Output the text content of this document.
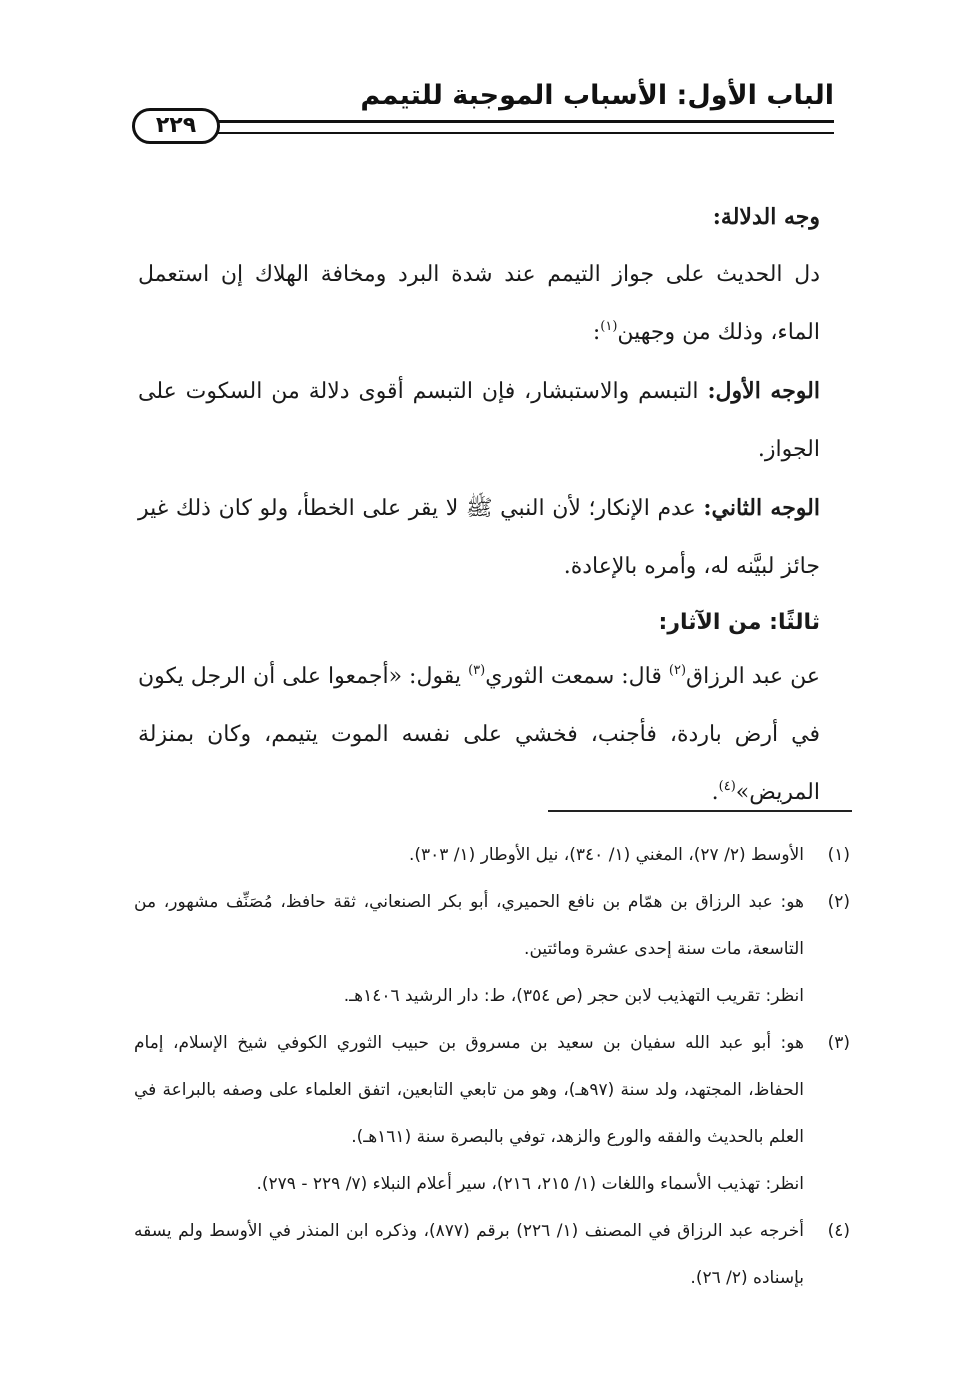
الباب الأول: الأسباب الموجبة للتيمم
٢٢٩

وجه الدلالة:

دل الحديث على جواز التيمم عند شدة البرد ومخافة الهلاك إن استعمل الماء، وذلك من وجهين$^{(١)}$:

الوجه الأول: التبسم والاستبشار، فإن التبسم أقوى دلالة من السكوت على الجواز.

الوجه الثاني: عدم الإنكار؛ لأن النبي ﷺ لا يقر على الخطأ، ولو كان ذلك غير جائز لبيَّنه له، وأمره بالإعادة.

ثالثًا: من الآثار:

عن عبد الرزاق$^{(٢)}$ قال: سمعت الثوري$^{(٣)}$ يقول: «أجمعوا على أن الرجل يكون في أرض باردة، فأجنب، فخشي على نفسه الموت يتيمم، وكان بمنزلة المريض»$^{(٤)}$.

(١)

الأوسط (٢/ ٢٧)، المغني (١/ ٣٤٠)، نيل الأوطار (١/ ٣٠٣).

(٢)

هو: عبد الرزاق بن همّام بن نافع الحميري، أبو بكر الصنعاني، ثقة حافظ، مُصَنِّف مشهور، من التاسعة، مات سنة إحدى عشرة ومائتين.

انظر: تقريب التهذيب لابن حجر (ص ٣٥٤)، ط: دار الرشيد ١٤٠٦هـ.

(٣)

هو: أبو عبد الله سفيان بن سعيد بن مسروق بن حبيب الثوري الكوفي شيخ الإسلام، إمام الحفاظ، المجتهد، ولد سنة (٩٧هـ)، وهو من تابعي التابعين، اتفق العلماء على وصفه بالبراعة في العلم بالحديث والفقه والورع والزهد، توفي بالبصرة سنة (١٦١هـ).

انظر: تهذيب الأسماء واللغات (١/ ٢١٥، ٢١٦)، سير أعلام النبلاء (٧/ ٢٢٩ - ٢٧٩).

(٤)

أخرجه عبد الرزاق في المصنف (١/ ٢٢٦) برقم (٨٧٧)، وذكره ابن المنذر في الأوسط ولم يسقه بإسناده (٢/ ٢٦).
